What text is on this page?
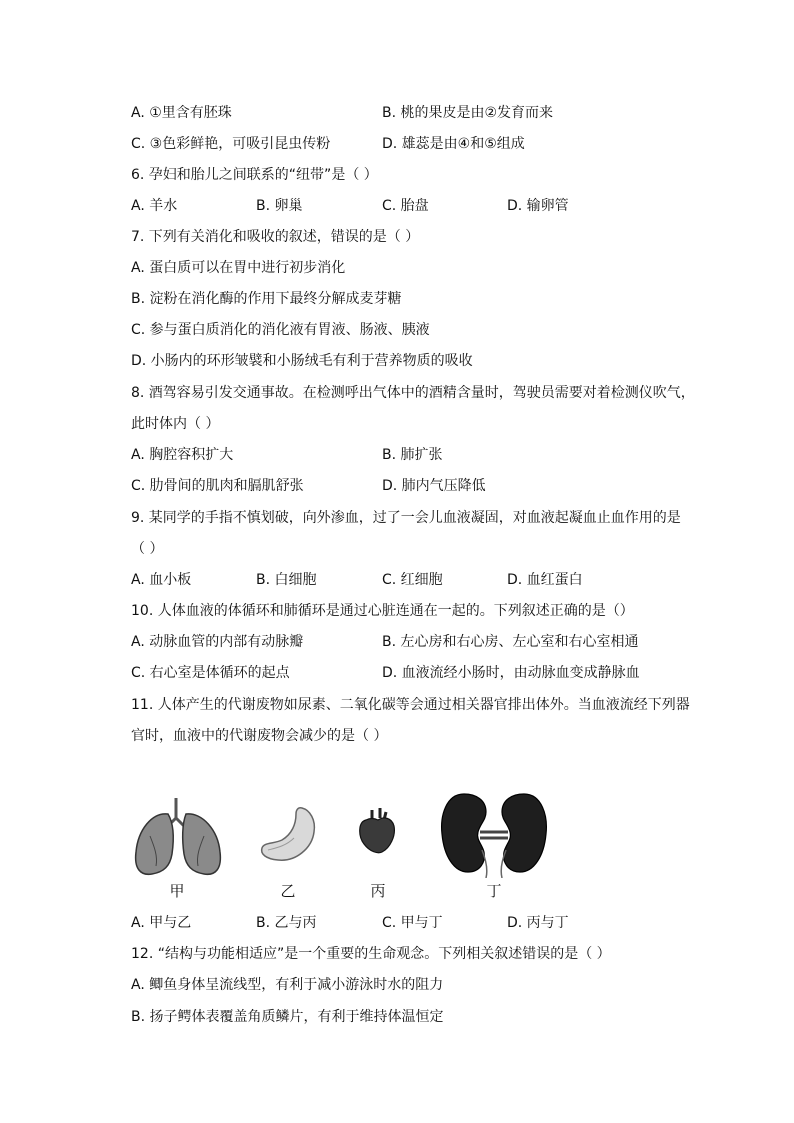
A. ①里含有胚珠	B. 桃的果皮是由②发育而来
C. ③色彩鲜艳，可吸引昆虫传粉	D. 雄蕊是由④和⑤组成
6. 孕妇和胎儿之间联系的“纽带”是（ ）
A. 羊水	B. 卵巢	C. 胎盘	D. 输卵管
7. 下列有关消化和吸收的叙述，错误的是（ ）
A. 蛋白质可以在胃中进行初步消化
B. 淀粉在消化酶的作用下最终分解成麦芽糖
C. 参与蛋白质消化的消化液有胃液、肠液、胰液
D. 小肠内的环形皱襞和小肠绒毛有利于营养物质的吸收
8. 酒驾容易引发交通事故。在检测呼出气体中的酒精含量时，驾驶员需要对着检测仪吹气，
此时体内（ ）
A. 胸腔容积扩大	B. 肺扩张
C. 肋骨间的肌肉和膈肌舒张	D. 肺内气压降低
9. 某同学的手指不慎划破，向外渗血，过了一会儿血液凝固，对血液起凝血止血作用的是
（ ）
A. 血小板	B. 白细胞	C. 红细胞	D. 血红蛋白
10. 人体血液的体循环和肺循环是通过心脏连通在一起的。下列叙述正确的是（）
A. 动脉血管的内部有动脉瓣	B. 左心房和右心房、左心室和右心室相通
C. 右心室是体循环的起点	D. 血液流经小肠时，由动脉血变成静脉血
11. 人体产生的代谢废物如尿素、二氧化碳等会通过相关器官排出体外。当血液流经下列器
官时，血液中的代谢废物会减少的是（ ）
A. 甲与乙	B. 乙与丙	C. 甲与丁	D. 丙与丁
12. “结构与功能相适应”是一个重要的生命观念。下列相关叙述错误的是（ ）
A. 鲫鱼身体呈流线型，有利于减小游泳时水的阻力
B. 扬子鳄体表覆盖角质鳞片，有利于维持体温恒定
甲	乙	丙	丁
